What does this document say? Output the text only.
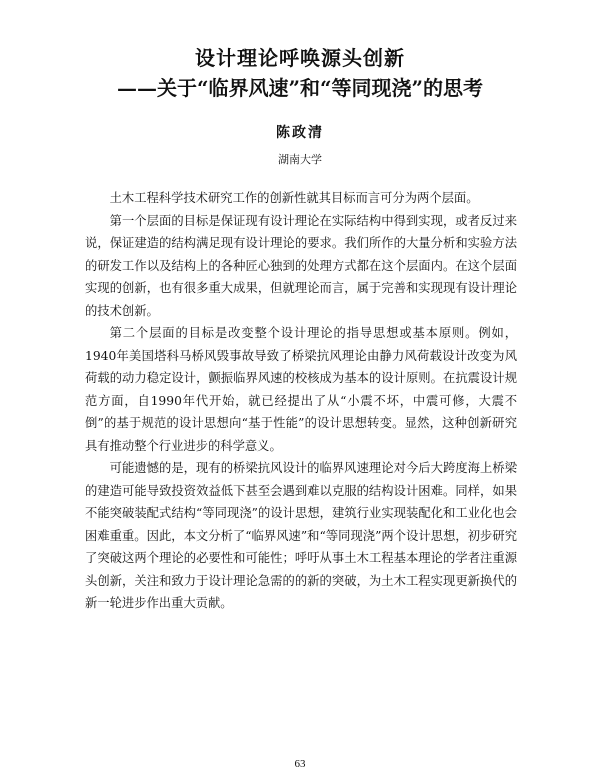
设计理论呼唤源头创新
——关于“临界风速”和“等同现浇”的思考
陈政清
湖南大学

土木工程科学技术研究工作的创新性就其目标而言可分为两个层面。

第一个层面的目标是保证现有设计理论在实际结构中得到实现，或者反过来说，保证建造的结构满足现有设计理论的要求。我们所作的大量分析和实验方法的研发工作以及结构上的各种匠心独到的处理方式都在这个层面内。在这个层面实现的创新，也有很多重大成果，但就理论而言，属于完善和实现现有设计理论的技术创新。

第二个层面的目标是改变整个设计理论的指导思想或基本原则。例如，1940年美国塔科马桥风毁事故导致了桥梁抗风理论由静力风荷载设计改变为风荷载的动力稳定设计，颤振临界风速的校核成为基本的设计原则。在抗震设计规范方面，自1990年代开始，就已经提出了从“小震不坏，中震可修，大震不倒”的基于规范的设计思想向“基于性能”的设计思想转变。显然，这种创新研究具有推动整个行业进步的科学意义。

可能遗憾的是，现有的桥梁抗风设计的临界风速理论对今后大跨度海上桥梁的建造可能导致投资效益低下甚至会遇到难以克服的结构设计困难。同样，如果不能突破装配式结构“等同现浇”的设计思想，建筑行业实现装配化和工业化也会困难重重。因此，本文分析了“临界风速”和“等同现浇”两个设计思想，初步研究了突破这两个理论的必要性和可能性；呼吁从事土木工程基本理论的学者注重源头创新，关注和致力于设计理论急需的的新的突破，为土木工程实现更新换代的新一轮进步作出重大贡献。

63
